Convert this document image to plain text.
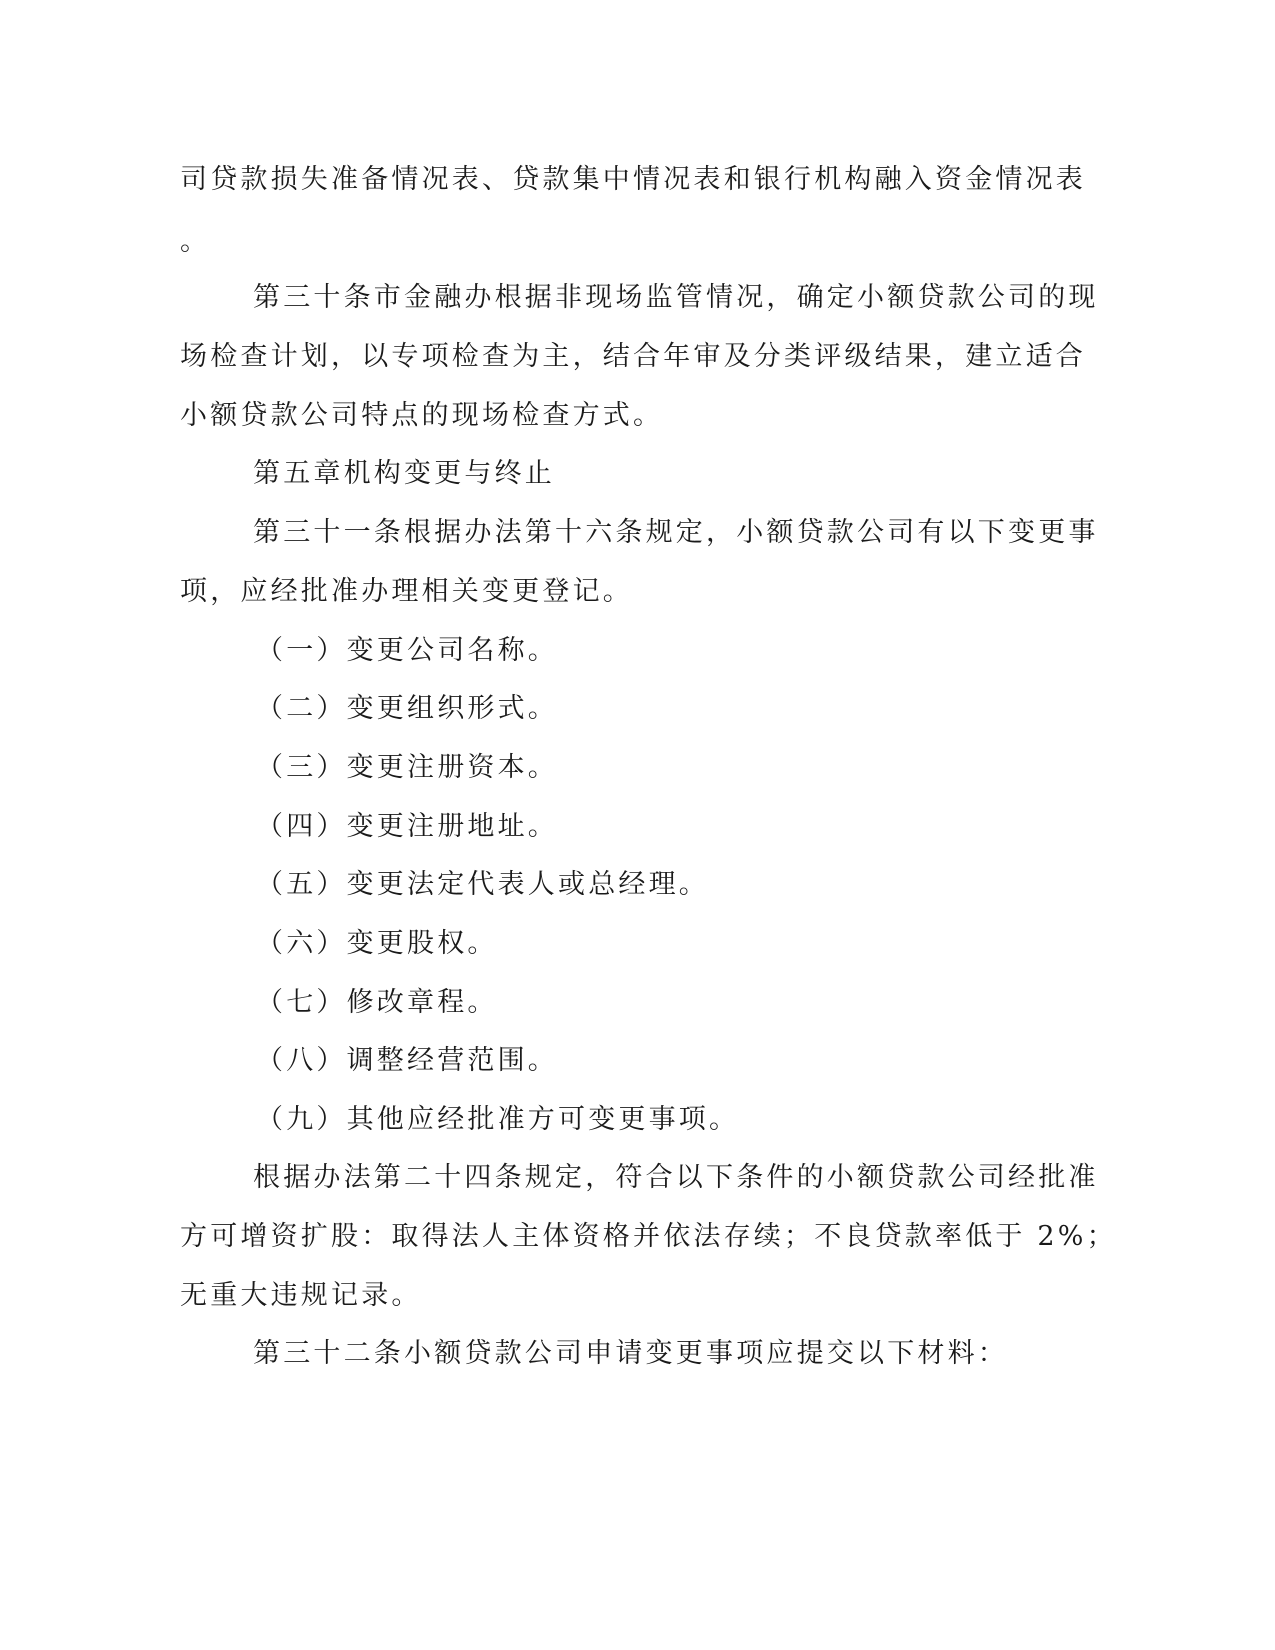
司贷款损失准备情况表、贷款集中情况表和银行机构融入资金情况表
。
第三十条市金融办根据非现场监管情况，确定小额贷款公司的现
场检查计划，以专项检查为主，结合年审及分类评级结果，建立适合
小额贷款公司特点的现场检查方式。
第五章机构变更与终止
第三十一条根据办法第十六条规定，小额贷款公司有以下变更事
项，应经批准办理相关变更登记。
（一）变更公司名称。
（二）变更组织形式。
（三）变更注册资本。
（四）变更注册地址。
（五）变更法定代表人或总经理。
（六）变更股权。
（七）修改章程。
（八）调整经营范围。
（九）其他应经批准方可变更事项。
根据办法第二十四条规定，符合以下条件的小额贷款公司经批准
方可增资扩股：取得法人主体资格并依法存续；不良贷款率低于 2%；
无重大违规记录。
第三十二条小额贷款公司申请变更事项应提交以下材料：
